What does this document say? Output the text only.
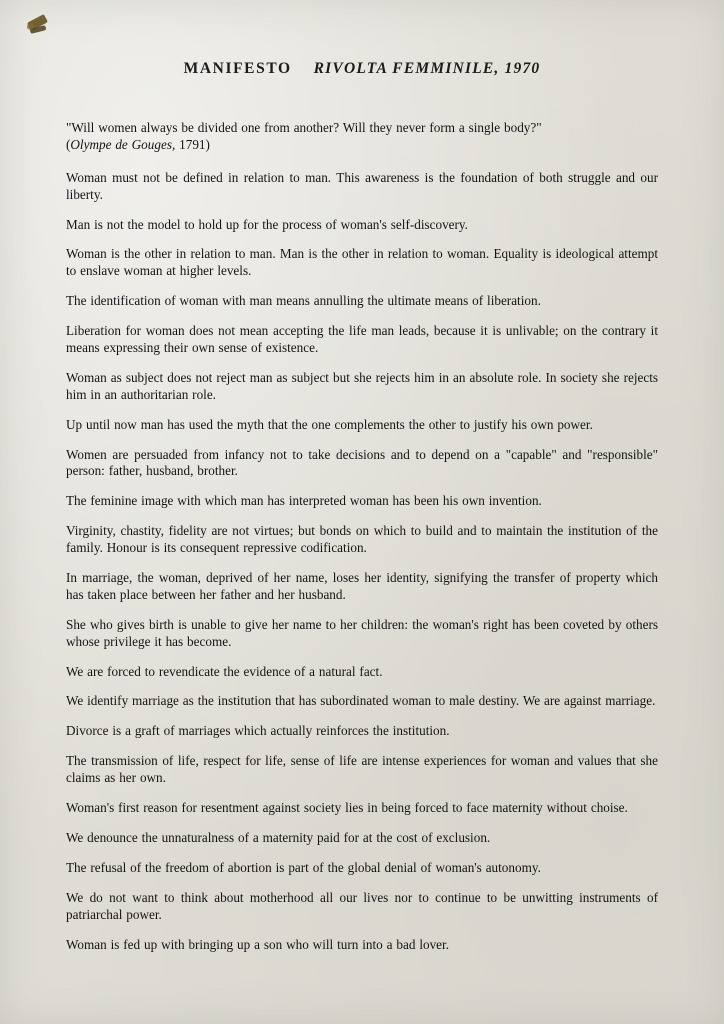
MANIFESTO RIVOLTA FEMMINILE, 1970

"Will women always be divided one from another? Will they never form a single body?"
(Olympe de Gouges, 1791)

Woman must not be defined in relation to man. This awareness is the foundation of both struggle and our liberty.

Man is not the model to hold up for the process of woman's self-discovery.

Woman is the other in relation to man. Man is the other in relation to woman. Equality is ideological attempt to enslave woman at higher levels.

The identification of woman with man means annulling the ultimate means of liberation.

Liberation for woman does not mean accepting the life man leads, because it is unlivable; on the contrary it means expressing their own sense of existence.

Woman as subject does not reject man as subject but she rejects him in an absolute role. In society she rejects him in an authoritarian role.

Up until now man has used the myth that the one complements the other to justify his own power.

Women are persuaded from infancy not to take decisions and to depend on a "capable" and "responsible" person: father, husband, brother.

The feminine image with which man has interpreted woman has been his own invention.

Virginity, chastity, fidelity are not virtues; but bonds on which to build and to maintain the institution of the family. Honour is its consequent repressive codification.

In marriage, the woman, deprived of her name, loses her identity, signifying the transfer of property which has taken place between her father and her husband.

She who gives birth is unable to give her name to her children: the woman's right has been coveted by others whose privilege it has become.

We are forced to revendicate the evidence of a natural fact.

We identify marriage as the institution that has subordinated woman to male destiny. We are against marriage.

Divorce is a graft of marriages which actually reinforces the institution.

The transmission of life, respect for life, sense of life are intense experiences for woman and values that she claims as her own.

Woman's first reason for resentment against society lies in being forced to face maternity without choise.

We denounce the unnaturalness of a maternity paid for at the cost of exclusion.

The refusal of the freedom of abortion is part of the global denial of woman's autonomy.

We do not want to think about motherhood all our lives nor to continue to be unwitting instruments of patriarchal power.

Woman is fed up with bringing up a son who will turn into a bad lover.
